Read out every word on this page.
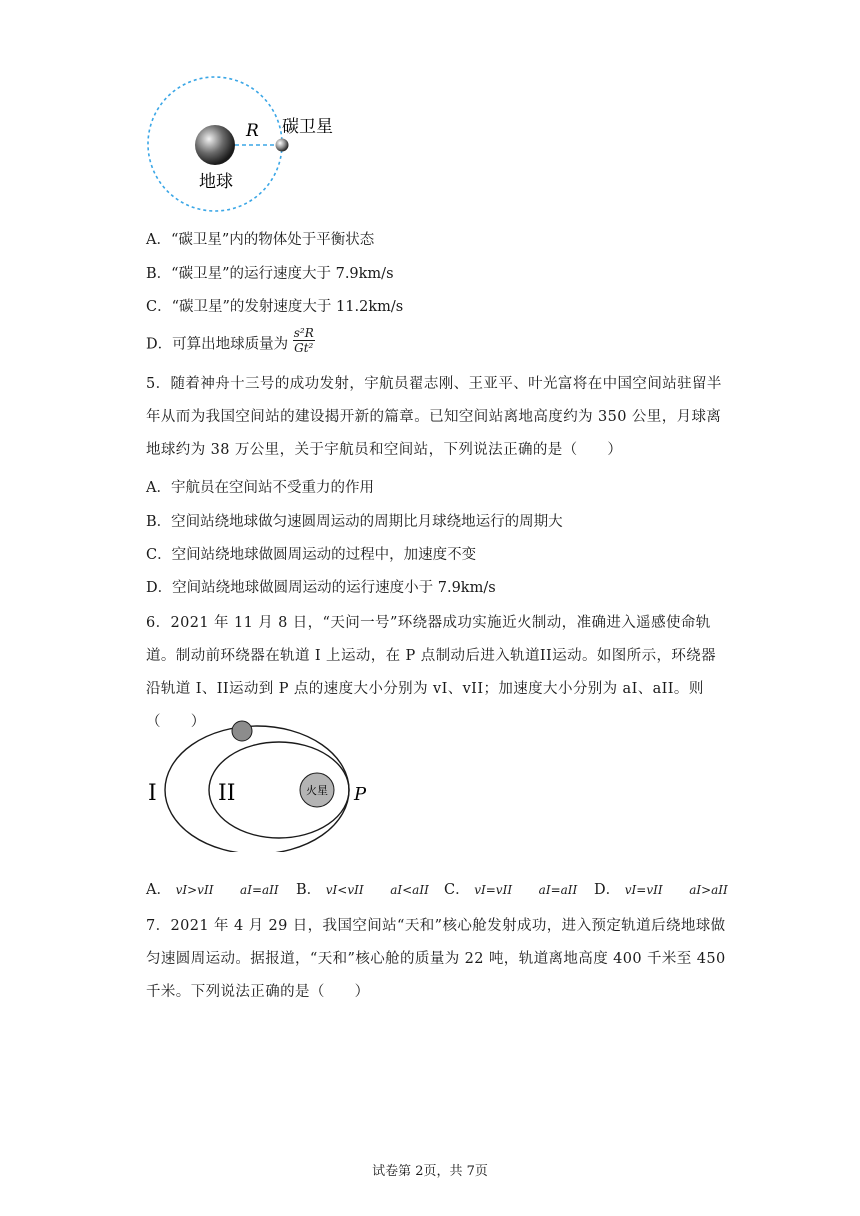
R 碳卫星
地球
A．“碳卫星”内的物体处于平衡状态
B．“碳卫星”的运行速度大于 7.9km/s
C．“碳卫星”的发射速度大于 11.2km/s
D．可算出地球质量为 $\frac{\text{s²R}}{\text{Gt²}}$
5．随着神舟十三号的成功发射，宇航员翟志刚、王亚平、叶光富将在中国空间站驻留半年从而为我国空间站的建设揭开新的篇章。已知空间站离地高度约为 350 公里，月球离地球约为 38 万公里，关于宇航员和空间站，下列说法正确的是（　　）
A．宇航员在空间站不受重力的作用
B．空间站绕地球做匀速圆周运动的周期比月球绕地运行的周期大
C．空间站绕地球做圆周运动的过程中，加速度不变
D．空间站绕地球做圆周运动的运行速度小于 7.9km/s
6．2021 年 11 月 8 日，“天问一号”环绕器成功实施近火制动，准确进入遥感使命轨道。制动前环绕器在轨道 I 上运动，在 P 点制动后进入轨道II运动。如图所示，环绕器沿轨道 I、II运动到 P 点的速度大小分别为 vI、vII；加速度大小分别为 aI、aII。则（　　）
火星
I	II	P
A． vI>vII aI=aII B． vI<vII aI<aII C． vI=vII aI=aII D． vI=vII aI>aII
7．2021 年 4 月 29 日，我国空间站“天和”核心舱发射成功，进入预定轨道后绕地球做匀速圆周运动。据报道，“天和”核心舱的质量为 22 吨，轨道离地高度 400 千米至 450 千米。下列说法正确的是（　　）
试卷第 2页，共 7页
